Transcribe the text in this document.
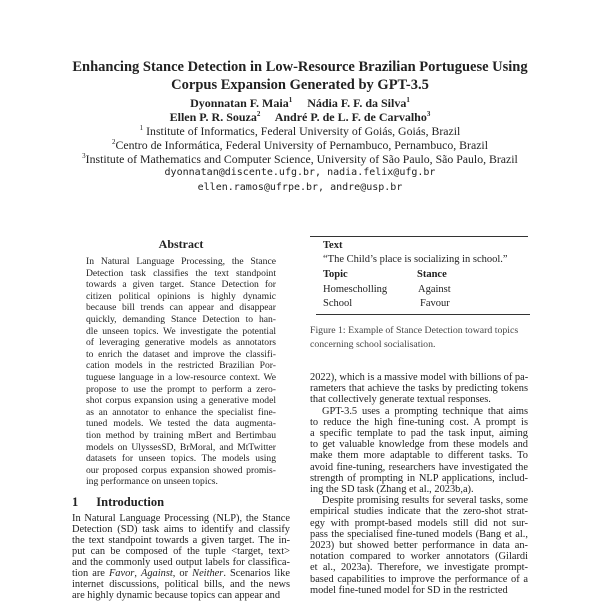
Enhancing Stance Detection in Low-Resource Brazilian Portuguese Using
Corpus Expansion Generated by GPT-3.5
Dyonnatan F. Maia$^1$ Nádia F. F. da Silva$^1$
Ellen P. R. Souza$^2$ André P. de L. F. de Carvalho$^3$
$^1$ Institute of Informatics, Federal University of Goiás, Goiás, Brazil
$^2$Centro de Informática, Federal University of Pernambuco, Pernambuco, Brazil
$^3$Institute of Mathematics and Computer Science, University of São Paulo, São Paulo, Brazil
dyonnatan@discente.ufg.br, nadia.felix@ufg.br
ellen.ramos@ufrpe.br, andre@usp.br
Abstract
In Natural Language Processing, the Stance
Detection task classifies the text standpoint
towards a given target. Stance Detection for
citizen political opinions is highly dynamic
because bill trends can appear and disappear
quickly, demanding Stance Detection to han-
dle unseen topics. We investigate the potential
of leveraging generative models as annotators
to enrich the dataset and improve the classifi-
cation models in the restricted Brazilian Por-
tuguese language in a low-resource context. We
propose to use the prompt to perform a zero-
shot corpus expansion using a generative model
as an annotator to enhance the specialist fine-
tuned models. We tested the data augmenta-
tion method by training mBert and Bertimbau
models on UlyssesSD, BrMoral, and MtTwitter
datasets for unseen topics. The models using
our proposed corpus expansion showed promis-
ing performance on unseen topics.
1 Introduction
In Natural Language Processing (NLP), the Stance
Detection (SD) task aims to identify and classify
the text standpoint towards a given target. The in-
put can be composed of the tuple <target, text>
and the commonly used output labels for classifica-
tion are Favor, Against, or Neither. Scenarios like
internet discussions, political bills, and the news
are highly dynamic because topics can appear and
Text
“The Child’s place is socializing in school.”
Topic	Stance
Homescholling	Against
School	Favour
Figure 1: Example of Stance Detection toward topics
concerning school socialisation.
2022), which is a massive model with billions of pa-
rameters that achieve the tasks by predicting tokens
that collectively generate textual responses.
GPT-3.5 uses a prompting technique that aims
to reduce the high fine-tuning cost. A prompt is
a specific template to pad the task input, aiming
to get valuable knowledge from these models and
make them more adaptable to different tasks. To
avoid fine-tuning, researchers have investigated the
strength of prompting in NLP applications, includ-
ing the SD task (Zhang et al., 2023b,a).
Despite promising results for several tasks, some
empirical studies indicate that the zero-shot strat-
egy with prompt-based models still did not sur-
pass the specialised fine-tuned models (Bang et al.,
2023) but showed better performance in data an-
notation compared to worker annotators (Gilardi
et al., 2023a). Therefore, we investigate prompt-
based capabilities to improve the performance of a
model fine-tuned model for SD in the restricted
